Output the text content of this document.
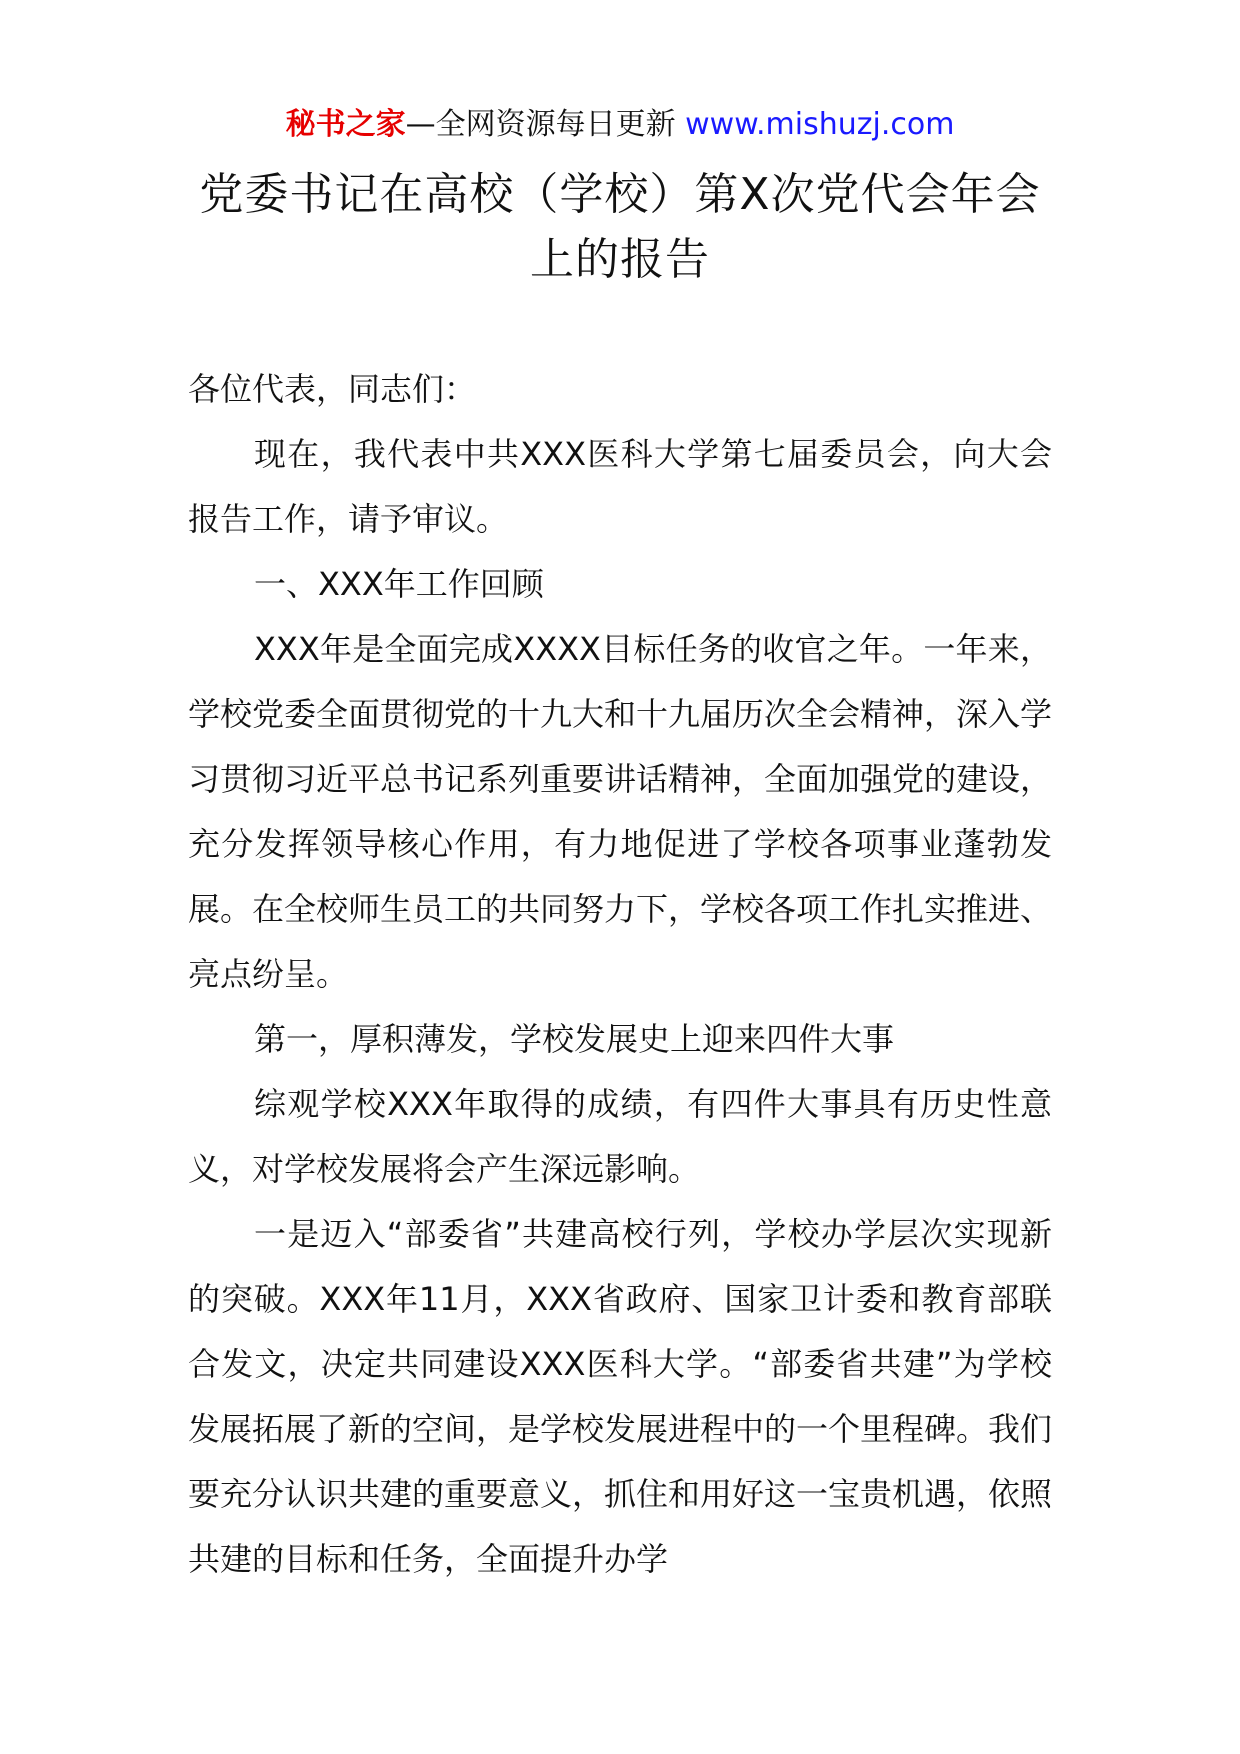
秘书之家—全网资源每日更新 www.mishuzj.com
党委书记在高校（学校）第X次党代会年会上的报告

各位代表，同志们：

现在，我代表中共XXX医科大学第七届委员会，向大会报告工作，请予审议。

一、XXX年工作回顾

XXX年是全面完成XXXX目标任务的收官之年。一年来，学校党委全面贯彻党的十九大和十九届历次全会精神，深入学习贯彻习近平总书记系列重要讲话精神，全面加强党的建设，充分发挥领导核心作用，有力地促进了学校各项事业蓬勃发展。在全校师生员工的共同努力下，学校各项工作扎实推进、亮点纷呈。

第一，厚积薄发，学校发展史上迎来四件大事

综观学校XXX年取得的成绩，有四件大事具有历史性意义，对学校发展将会产生深远影响。

一是迈入“部委省”共建高校行列，学校办学层次实现新的突破。XXX年11月，XXX省政府、国家卫计委和教育部联合发文，决定共同建设XXX医科大学。“部委省共建”为学校发展拓展了新的空间，是学校发展进程中的一个里程碑。我们要充分认识共建的重要意义，抓住和用好这一宝贵机遇，依照共建的目标和任务，全面提升办学
